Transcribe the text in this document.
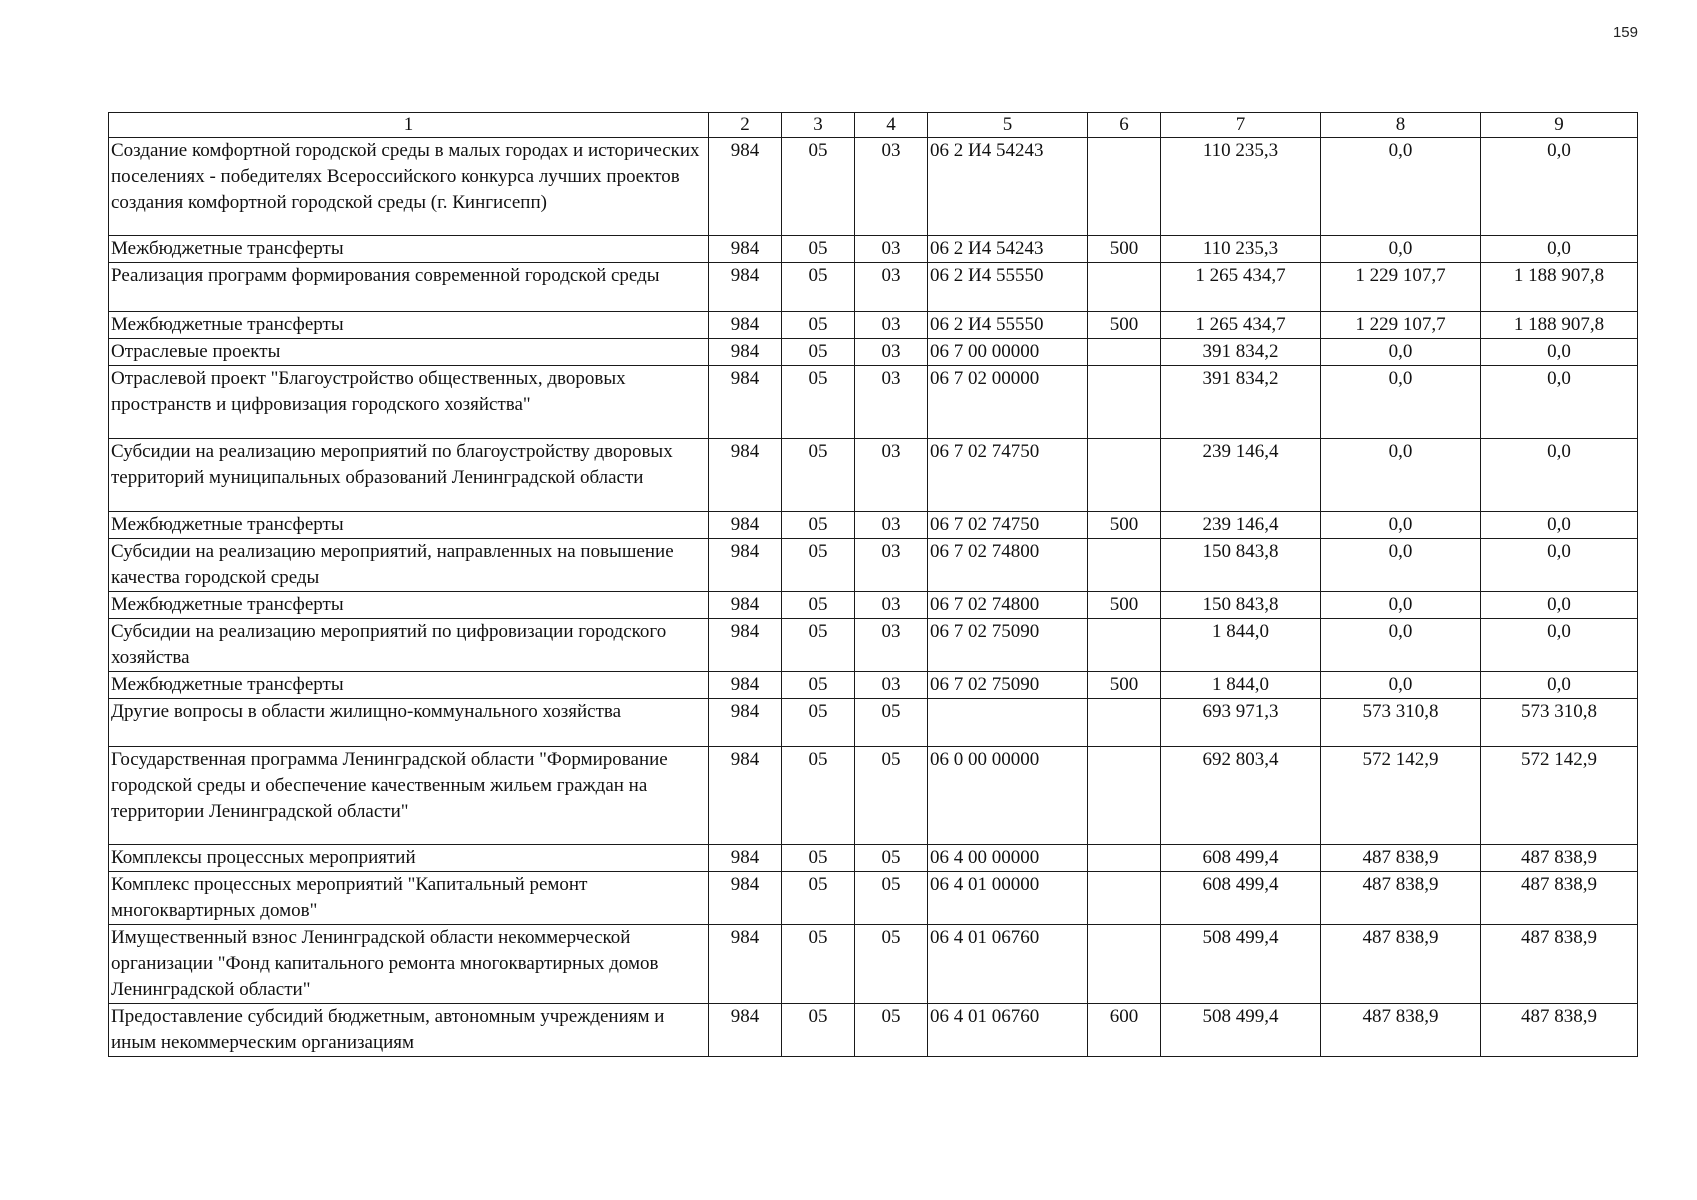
159
1	2	3	4	5	6	7	8	9
Создание комфортной городской среды в малых городах и исторических поселениях - победителях Всероссийского конкурса лучших проектов создания комфортной городской среды (г. Кингисепп)	984	05	03	06 2 И4 54243		110 235,3	0,0	0,0
Межбюджетные трансферты	984	05	03	06 2 И4 54243	500	110 235,3	0,0	0,0
Реализация программ формирования современной городской среды	984	05	03	06 2 И4 55550		1 265 434,7	1 229 107,7	1 188 907,8
Межбюджетные трансферты	984	05	03	06 2 И4 55550	500	1 265 434,7	1 229 107,7	1 188 907,8
Отраслевые проекты	984	05	03	06 7 00 00000		391 834,2	0,0	0,0
Отраслевой проект "Благоустройство общественных, дворовых пространств и цифровизация городского хозяйства"	984	05	03	06 7 02 00000		391 834,2	0,0	0,0
Субсидии на реализацию мероприятий по благоустройству дворовых территорий муниципальных образований Ленинградской области	984	05	03	06 7 02 74750		239 146,4	0,0	0,0
Межбюджетные трансферты	984	05	03	06 7 02 74750	500	239 146,4	0,0	0,0
Субсидии на реализацию мероприятий, направленных на повышение качества городской среды	984	05	03	06 7 02 74800		150 843,8	0,0	0,0
Межбюджетные трансферты	984	05	03	06 7 02 74800	500	150 843,8	0,0	0,0
Субсидии на реализацию мероприятий по цифровизации городского хозяйства	984	05	03	06 7 02 75090		1 844,0	0,0	0,0
Межбюджетные трансферты	984	05	03	06 7 02 75090	500	1 844,0	0,0	0,0
Другие вопросы в области жилищно-коммунального хозяйства	984	05	05			693 971,3	573 310,8	573 310,8
Государственная программа Ленинградской области "Формирование городской среды и обеспечение качественным жильем граждан на территории Ленинградской области"	984	05	05	06 0 00 00000		692 803,4	572 142,9	572 142,9
Комплексы процессных мероприятий	984	05	05	06 4 00 00000		608 499,4	487 838,9	487 838,9
Комплекс процессных мероприятий "Капитальный ремонт многоквартирных домов"	984	05	05	06 4 01 00000		608 499,4	487 838,9	487 838,9
Имущественный взнос Ленинградской области некоммерческой организации "Фонд капитального ремонта многоквартирных домов Ленинградской области"	984	05	05	06 4 01 06760		508 499,4	487 838,9	487 838,9
Предоставление субсидий бюджетным, автономным учреждениям и иным некоммерческим организациям	984	05	05	06 4 01 06760	600	508 499,4	487 838,9	487 838,9
